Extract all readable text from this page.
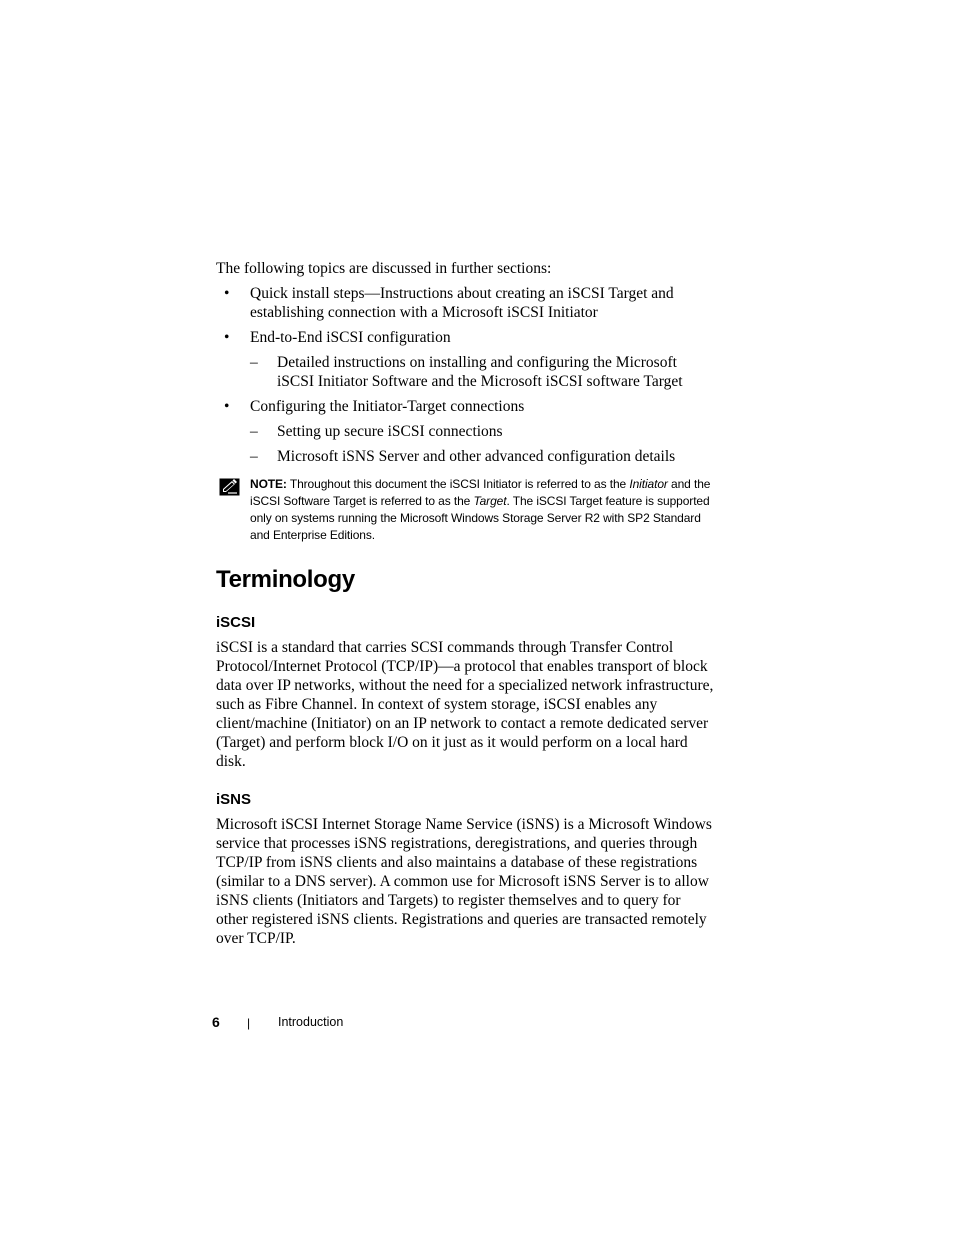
The following topics are discussed in further sections:

• Quick install steps—Instructions about creating an iSCSI Target and establishing connection with a Microsoft iSCSI Initiator
• End-to-End iSCSI configuration
– Detailed instructions on installing and configuring the Microsoft iSCSI Initiator Software and the Microsoft iSCSI software Target
• Configuring the Initiator-Target connections
– Setting up secure iSCSI connections
– Microsoft iSNS Server and other advanced configuration details
NOTE: Throughout this document the iSCSI Initiator is referred to as the Initiator and the iSCSI Software Target is referred to as the Target. The iSCSI Target feature is supported only on systems running the Microsoft Windows Storage Server R2 with SP2 Standard and Enterprise Editions.
Terminology
iSCSI

iSCSI is a standard that carries SCSI commands through Transfer Control Protocol/Internet Protocol (TCP/IP)—a protocol that enables transport of block data over IP networks, without the need for a specialized network infrastructure, such as Fibre Channel. In context of system storage, iSCSI enables any client/machine (Initiator) on an IP network to contact a remote dedicated server (Target) and perform block I/O on it just as it would perform on a local hard disk.

iSNS

Microsoft iSCSI Internet Storage Name Service (iSNS) is a Microsoft Windows service that processes iSNS registrations, deregistrations, and queries through TCP/IP from iSNS clients and also maintains a database of these registrations (similar to a DNS server). A common use for Microsoft iSNS Server is to allow iSNS clients (Initiators and Targets) to register themselves and to query for other registered iSNS clients. Registrations and queries are transacted remotely over TCP/IP.

6 | Introduction
